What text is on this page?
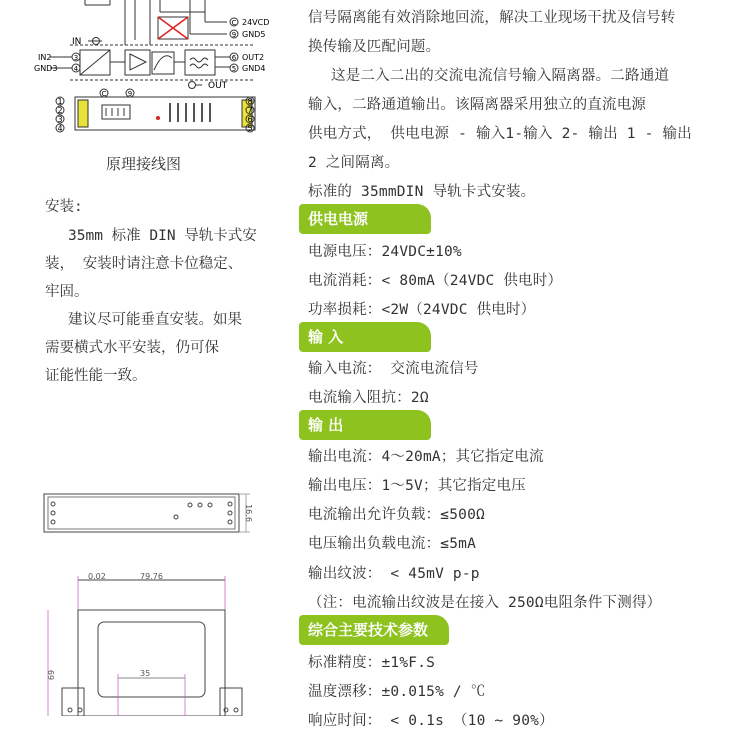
C 24VCD
9 GND5
IN
IN2
GND3
3
4
6 OUT2
5 GND4
OUT
1
2
3
4
C	9
8
7
6
5
原理接线图
安装:
35mm 标准 DIN 导轨卡式安
装， 安装时请注意卡位稳定、
牢固。
建议尽可能垂直安装。如果
需要横式水平安装，仍可保
证能性能一致。
16.6
0.02	79.76
69	35
信号隔离能有效消除地回流，解决工业现场干扰及信号转
换传输及匹配问题。
这是二入二出的交流电流信号输入隔离器。二路通道
输入，二路通道输出。该隔离器采用独立的直流电源
供电方式， 供电电源 - 输入1-输入 2- 输出 1 - 输出
2 之间隔离。
标准的 35mmDIN 导轨卡式安装。
供电电源
电源电压：24VDC±10%
电流消耗：< 80mA（24VDC 供电时）
功率损耗：<2W（24VDC 供电时）
输 入
输入电流： 交流电流信号
电流输入阻抗：2Ω
输 出
输出电流：4～20mA；其它指定电流
输出电压：1～5V；其它指定电压
电流输出允许负载：≤500Ω
电压输出负载电流：≤5mA
输出纹波： < 45mV p-p
（注：电流输出纹波是在接入 250Ω电阻条件下测得）
综合主要技术参数
标准精度：±1%F.S
温度漂移：±0.015% / ℃
响应时间： < 0.1s （10 ~ 90%）
